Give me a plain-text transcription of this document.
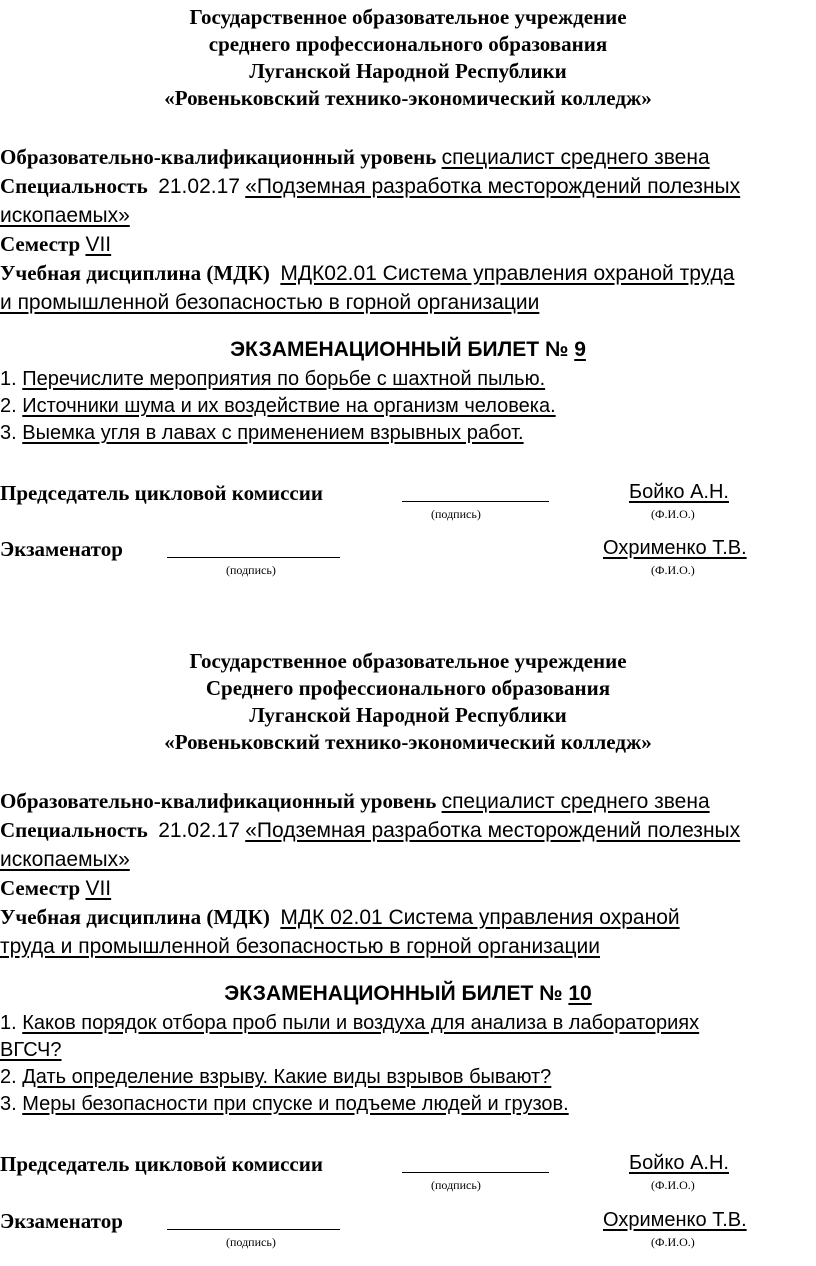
Государственное образовательное учреждение
среднего профессионального образования
Луганской Народной Республики
«Ровеньковский технико-экономический колледж»
Образовательно-квалификационный уровень специалист среднего звена
Специальность 21.02.17 «Подземная разработка месторождений полезных
ископаемых»
Семестр VII
Учебная дисциплина (МДК) МДК02.01 Система управления охраной труда
и промышленной безопасностью в горной организации
ЭКЗАМЕНАЦИОННЫЙ БИЛЕТ № 9
1. Перечислите мероприятия по борьбе с шахтной пылью.
2. Источники шума и их воздействие на организм человека.
3. Выемка угля в лавах с применением взрывных работ.
Председатель цикловой комиссии	Бойко А.Н.
(подпись)	(Ф.И.О.)
Экзаменатор	Охрименко Т.В.
(подпись)	(Ф.И.О.)
Государственное образовательное учреждение
Среднего профессионального образования
Луганской Народной Республики
«Ровеньковский технико-экономический колледж»
Образовательно-квалификационный уровень специалист среднего звена
Специальность 21.02.17 «Подземная разработка месторождений полезных
ископаемых»
Семестр VII
Учебная дисциплина (МДК) МДК 02.01 Система управления охраной
труда и промышленной безопасностью в горной организации
ЭКЗАМЕНАЦИОННЫЙ БИЛЕТ № 10
1. Каков порядок отбора проб пыли и воздуха для анализа в лабораториях
ВГСЧ?
2. Дать определение взрыву. Какие виды взрывов бывают?
3. Меры безопасности при спуске и подъеме людей и грузов.
Председатель цикловой комиссии	Бойко А.Н.
(подпись)	(Ф.И.О.)
Экзаменатор	Охрименко Т.В.
(подпись)	(Ф.И.О.)
